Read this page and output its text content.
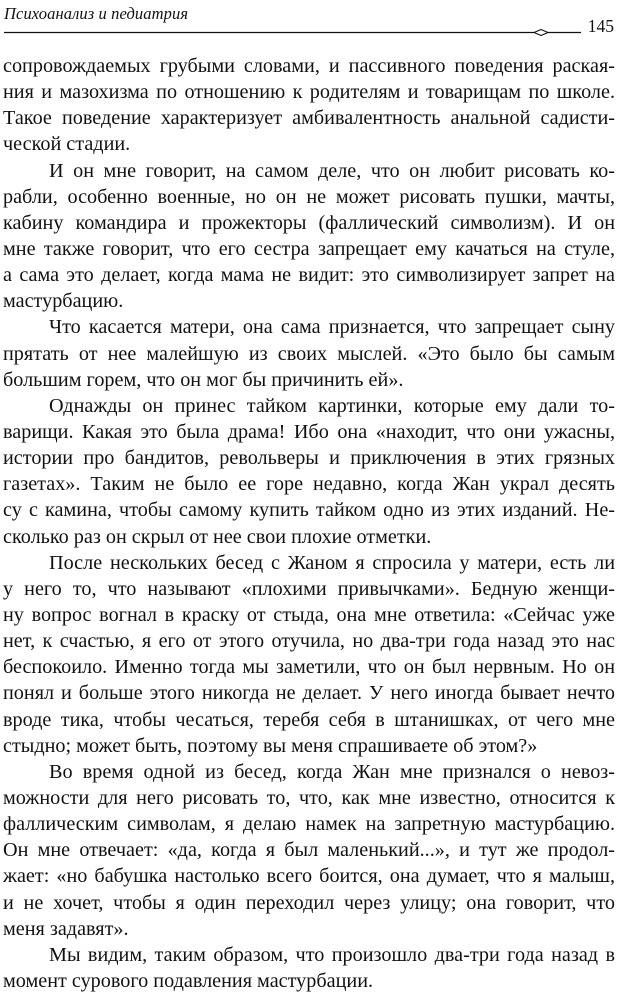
Психоанализ и педиатрия
145
сопровождаемых грубыми словами, и пассивного поведения раская-
ния и мазохизма по отношению к родителям и товарищам по школе.
Такое поведение характеризует амбивалентность анальной садисти-
ческой стадии.
И он мне говорит, на самом деле, что он любит рисовать ко-
рабли, особенно военные, но он не может рисовать пушки, мачты,
кабину командира и прожекторы (фаллический символизм). И он
мне также говорит, что его сестра запрещает ему качаться на стуле,
а сама это делает, когда мама не видит: это символизирует запрет на
мастурбацию.
Что касается матери, она сама признается, что запрещает сыну
прятать от нее малейшую из своих мыслей. «Это было бы самым
большим горем, что он мог бы причинить ей».
Однажды он принес тайком картинки, которые ему дали то-
варищи. Какая это была драма! Ибо она «находит, что они ужасны,
истории про бандитов, револьверы и приключения в этих грязных
газетах». Таким не было ее горе недавно, когда Жан украл десять
су с камина, чтобы самому купить тайком одно из этих изданий. Не-
сколько раз он скрыл от нее свои плохие отметки.
После нескольких бесед с Жаном я спросила у матери, есть ли
у него то, что называют «плохими привычками». Бедную женщи-
ну вопрос вогнал в краску от стыда, она мне ответила: «Сейчас уже
нет, к счастью, я его от этого отучила, но два-три года назад это нас
беспокоило. Именно тогда мы заметили, что он был нервным. Но он
понял и больше этого никогда не делает. У него иногда бывает нечто
вроде тика, чтобы чесаться, теребя себя в штанишках, от чего мне
стыдно; может быть, поэтому вы меня спрашиваете об этом?»
Во время одной из бесед, когда Жан мне признался о невоз-
можности для него рисовать то, что, как мне известно, относится к
фаллическим символам, я делаю намек на запретную мастурбацию.
Он мне отвечает: «да, когда я был маленький...», и тут же продол-
жает: «но бабушка настолько всего боится, она думает, что я малыш,
и не хочет, чтобы я один переходил через улицу; она говорит, что
меня задавят».
Мы видим, таким образом, что произошло два-три года назад в
момент сурового подавления мастурбации.
